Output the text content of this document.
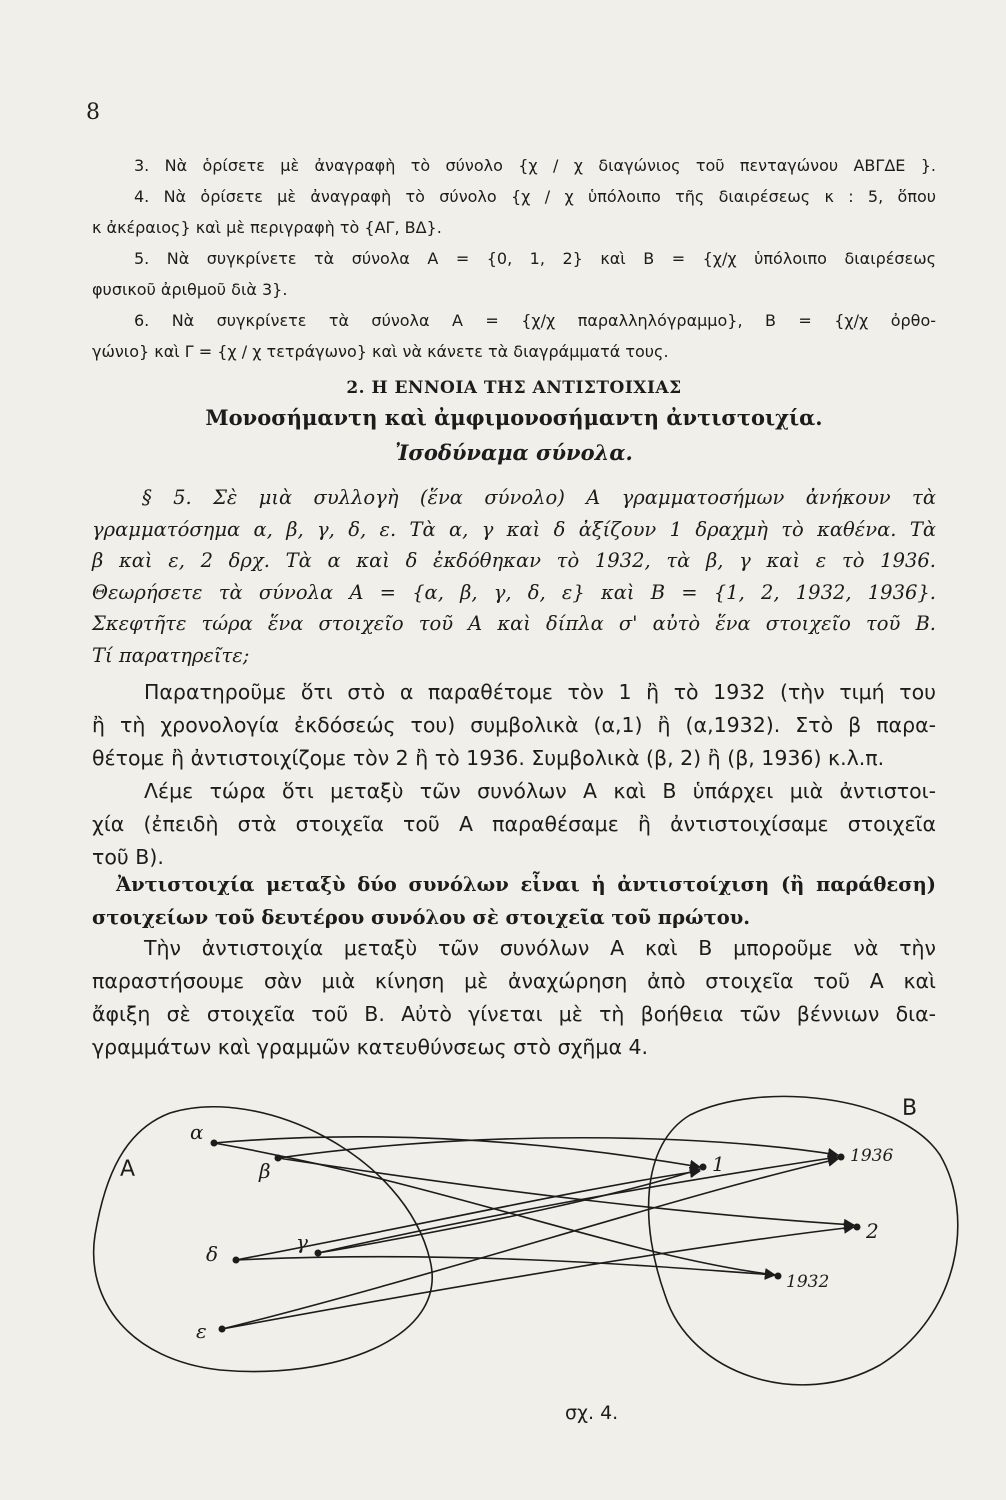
8
3. Νὰ ὁρίσετε μὲ ἀναγραφὴ τὸ σύνολο {χ / χ διαγώνιος τοῦ πενταγώνου ΑΒΓΔΕ }.
4. Νὰ ὁρίσετε μὲ ἀναγραφὴ τὸ σύνολο {χ / χ ὑπόλοιπο τῆς διαιρέσεως κ : 5, ὅπου
κ ἀκέραιος} καὶ μὲ περιγραφὴ τὸ {ΑΓ, ΒΔ}.
5. Νὰ συγκρίνετε τὰ σύνολα Α = {0, 1, 2} καὶ Β = {χ/χ ὑπόλοιπο διαιρέσεως
φυσικοῦ ἀριθμοῦ διὰ 3}.
6. Νὰ συγκρίνετε τὰ σύνολα Α = {χ/χ παραλληλόγραμμο}, Β = {χ/χ ὀρθο-
γώνιο} καὶ Γ = {χ / χ τετράγωνο} καὶ νὰ κάνετε τὰ διαγράμματά τους.
2. Η ΕΝΝΟΙΑ ΤΗΣ ΑΝΤΙΣΤΟΙΧΙΑΣ
Μονοσήμαντη καὶ ἀμφιμονοσήμαντη ἀντιστοιχία.
Ἰσοδύναμα σύνολα.
§ 5. Σὲ μιὰ συλλογὴ (ἕνα σύνολο) Α γραμματοσήμων ἀνήκουν τὰ
γραμματόσημα α, β, γ, δ, ε. Τὰ α, γ καὶ δ ἀξίζουν 1 δραχμὴ τὸ καθένα. Τὰ
β καὶ ε, 2 δρχ. Τὰ α καὶ δ ἐκδόθηκαν τὸ 1932, τὰ β, γ καὶ ε τὸ 1936.
Θεωρήσετε τὰ σύνολα Α = {α, β, γ, δ, ε} καὶ Β = {1, 2, 1932, 1936}.
Σκεφτῆτε τώρα ἕνα στοιχεῖο τοῦ Α καὶ δίπλα σ' αὐτὸ ἕνα στοιχεῖο τοῦ Β.
Τί παρατηρεῖτε;
Παρατηροῦμε ὅτι στὸ α παραθέτομε τὸν 1 ἢ τὸ 1932 (τὴν τιμή του
ἢ τὴ χρονολογία ἐκδόσεώς του) συμβολικὰ (α,1) ἢ (α,1932). Στὸ β παρα-
θέτομε ἢ ἀντιστοιχίζομε τὸν 2 ἢ τὸ 1936. Συμβολικὰ (β, 2) ἢ (β, 1936) κ.λ.π.
Λέμε τώρα ὅτι μεταξὺ τῶν συνόλων Α καὶ Β ὑπάρχει μιὰ ἀντιστοι-
χία (ἐπειδὴ στὰ στοιχεῖα τοῦ Α παραθέσαμε ἢ ἀντιστοιχίσαμε στοιχεῖα
τοῦ Β).
Ἀντιστοιχία μεταξὺ δύο συνόλων εἶναι ἡ ἀντιστοίχιση (ἢ παράθεση)
στοιχείων τοῦ δευτέρου συνόλου σὲ στοιχεῖα τοῦ πρώτου.
Τὴν ἀντιστοιχία μεταξὺ τῶν συνόλων Α καὶ Β μποροῦμε νὰ τὴν
παραστήσουμε σὰν μιὰ κίνηση μὲ ἀναχώρηση ἀπὸ στοιχεῖα τοῦ Α καὶ
ἄφιξη σὲ στοιχεῖα τοῦ Β. Αὐτὸ γίνεται μὲ τὴ βοήθεια τῶν βέννιων δια-
γραμμάτων καὶ γραμμῶν κατευθύνσεως στὸ σχῆμα 4.
Α
Β
α
β
δ	γ
ε
1	1936
2
1932
σχ. 4.
